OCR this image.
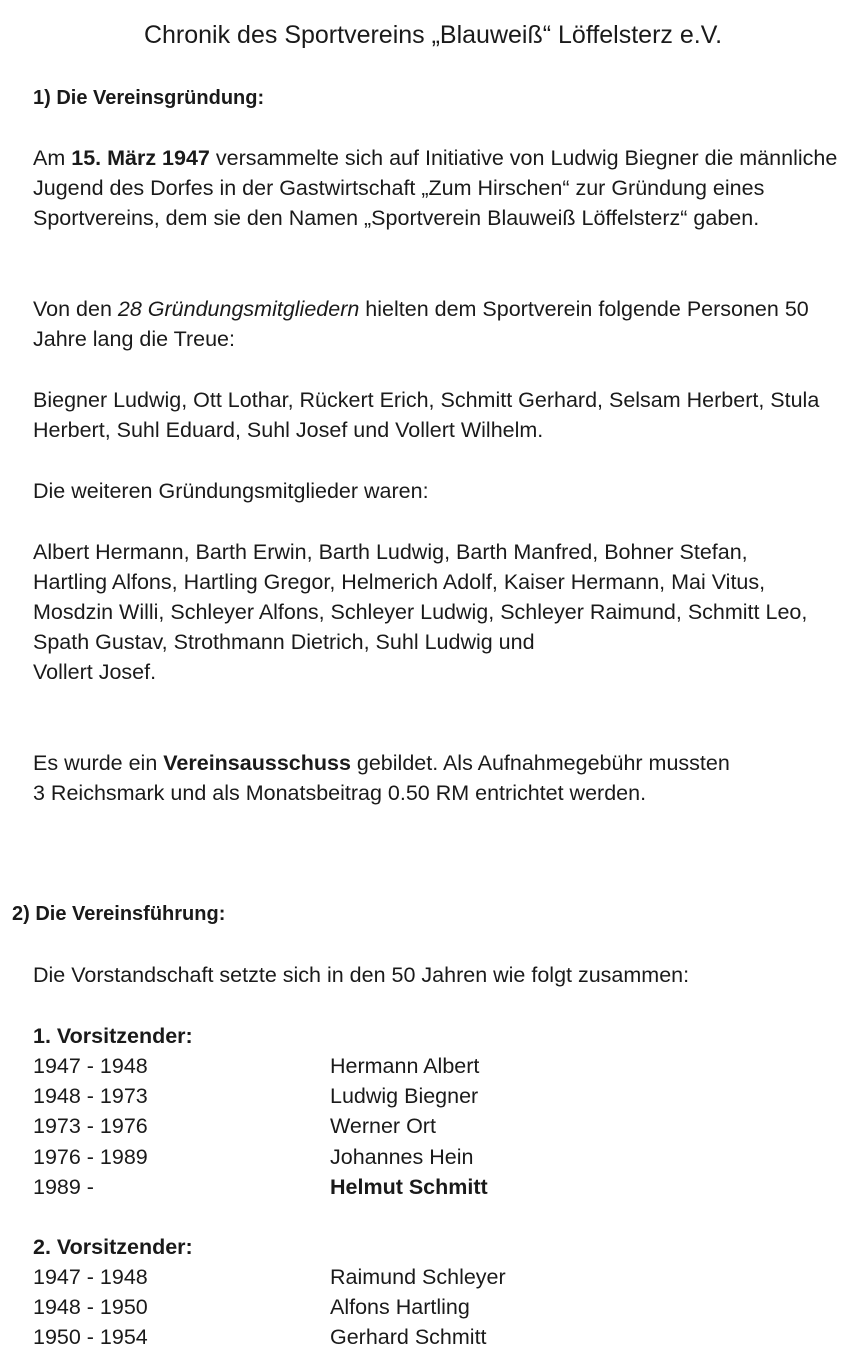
Chronik des Sportvereins „Blauweiß“ Löffelsterz e.V.
1) Die Vereinsgründung:
Am 15. März 1947 versammelte sich auf Initiative von Ludwig Biegner die männliche Jugend des Dorfes in der Gastwirtschaft „Zum Hirschen“ zur Gründung eines Sportvereins, dem sie den Namen „Sportverein Blauweiß Löffelsterz“ gaben.
Von den 28 Gründungsmitgliedern hielten dem Sportverein folgende Personen 50 Jahre lang die Treue:
Biegner Ludwig, Ott Lothar, Rückert Erich, Schmitt Gerhard, Selsam Herbert, Stula Herbert, Suhl Eduard, Suhl Josef und Vollert Wilhelm.
Die weiteren Gründungsmitglieder waren:
Albert Hermann, Barth Erwin, Barth Ludwig, Barth Manfred, Bohner Stefan, Hartling Alfons, Hartling Gregor, Helmerich Adolf, Kaiser Hermann, Mai Vitus, Mosdzin Willi, Schleyer Alfons, Schleyer Ludwig, Schleyer Raimund, Schmitt Leo, Spath Gustav, Strothmann Dietrich, Suhl Ludwig und
Vollert Josef.
Es wurde ein Vereinsausschuss gebildet. Als Aufnahmegebühr mussten
3 Reichsmark und als Monatsbeitrag 0.50 RM entrichtet werden.
2) Die Vereinsführung:
Die Vorstandschaft setzte sich in den 50 Jahren wie folgt zusammen:
1. Vorsitzender:
1947 - 1948	Hermann Albert
1948 - 1973	Ludwig Biegner
1973 - 1976	Werner Ort
1976 - 1989	Johannes Hein
1989 -	Helmut Schmitt
2. Vorsitzender:
1947 - 1948	Raimund Schleyer
1948 - 1950	Alfons Hartling
1950 - 1954	Gerhard Schmitt
